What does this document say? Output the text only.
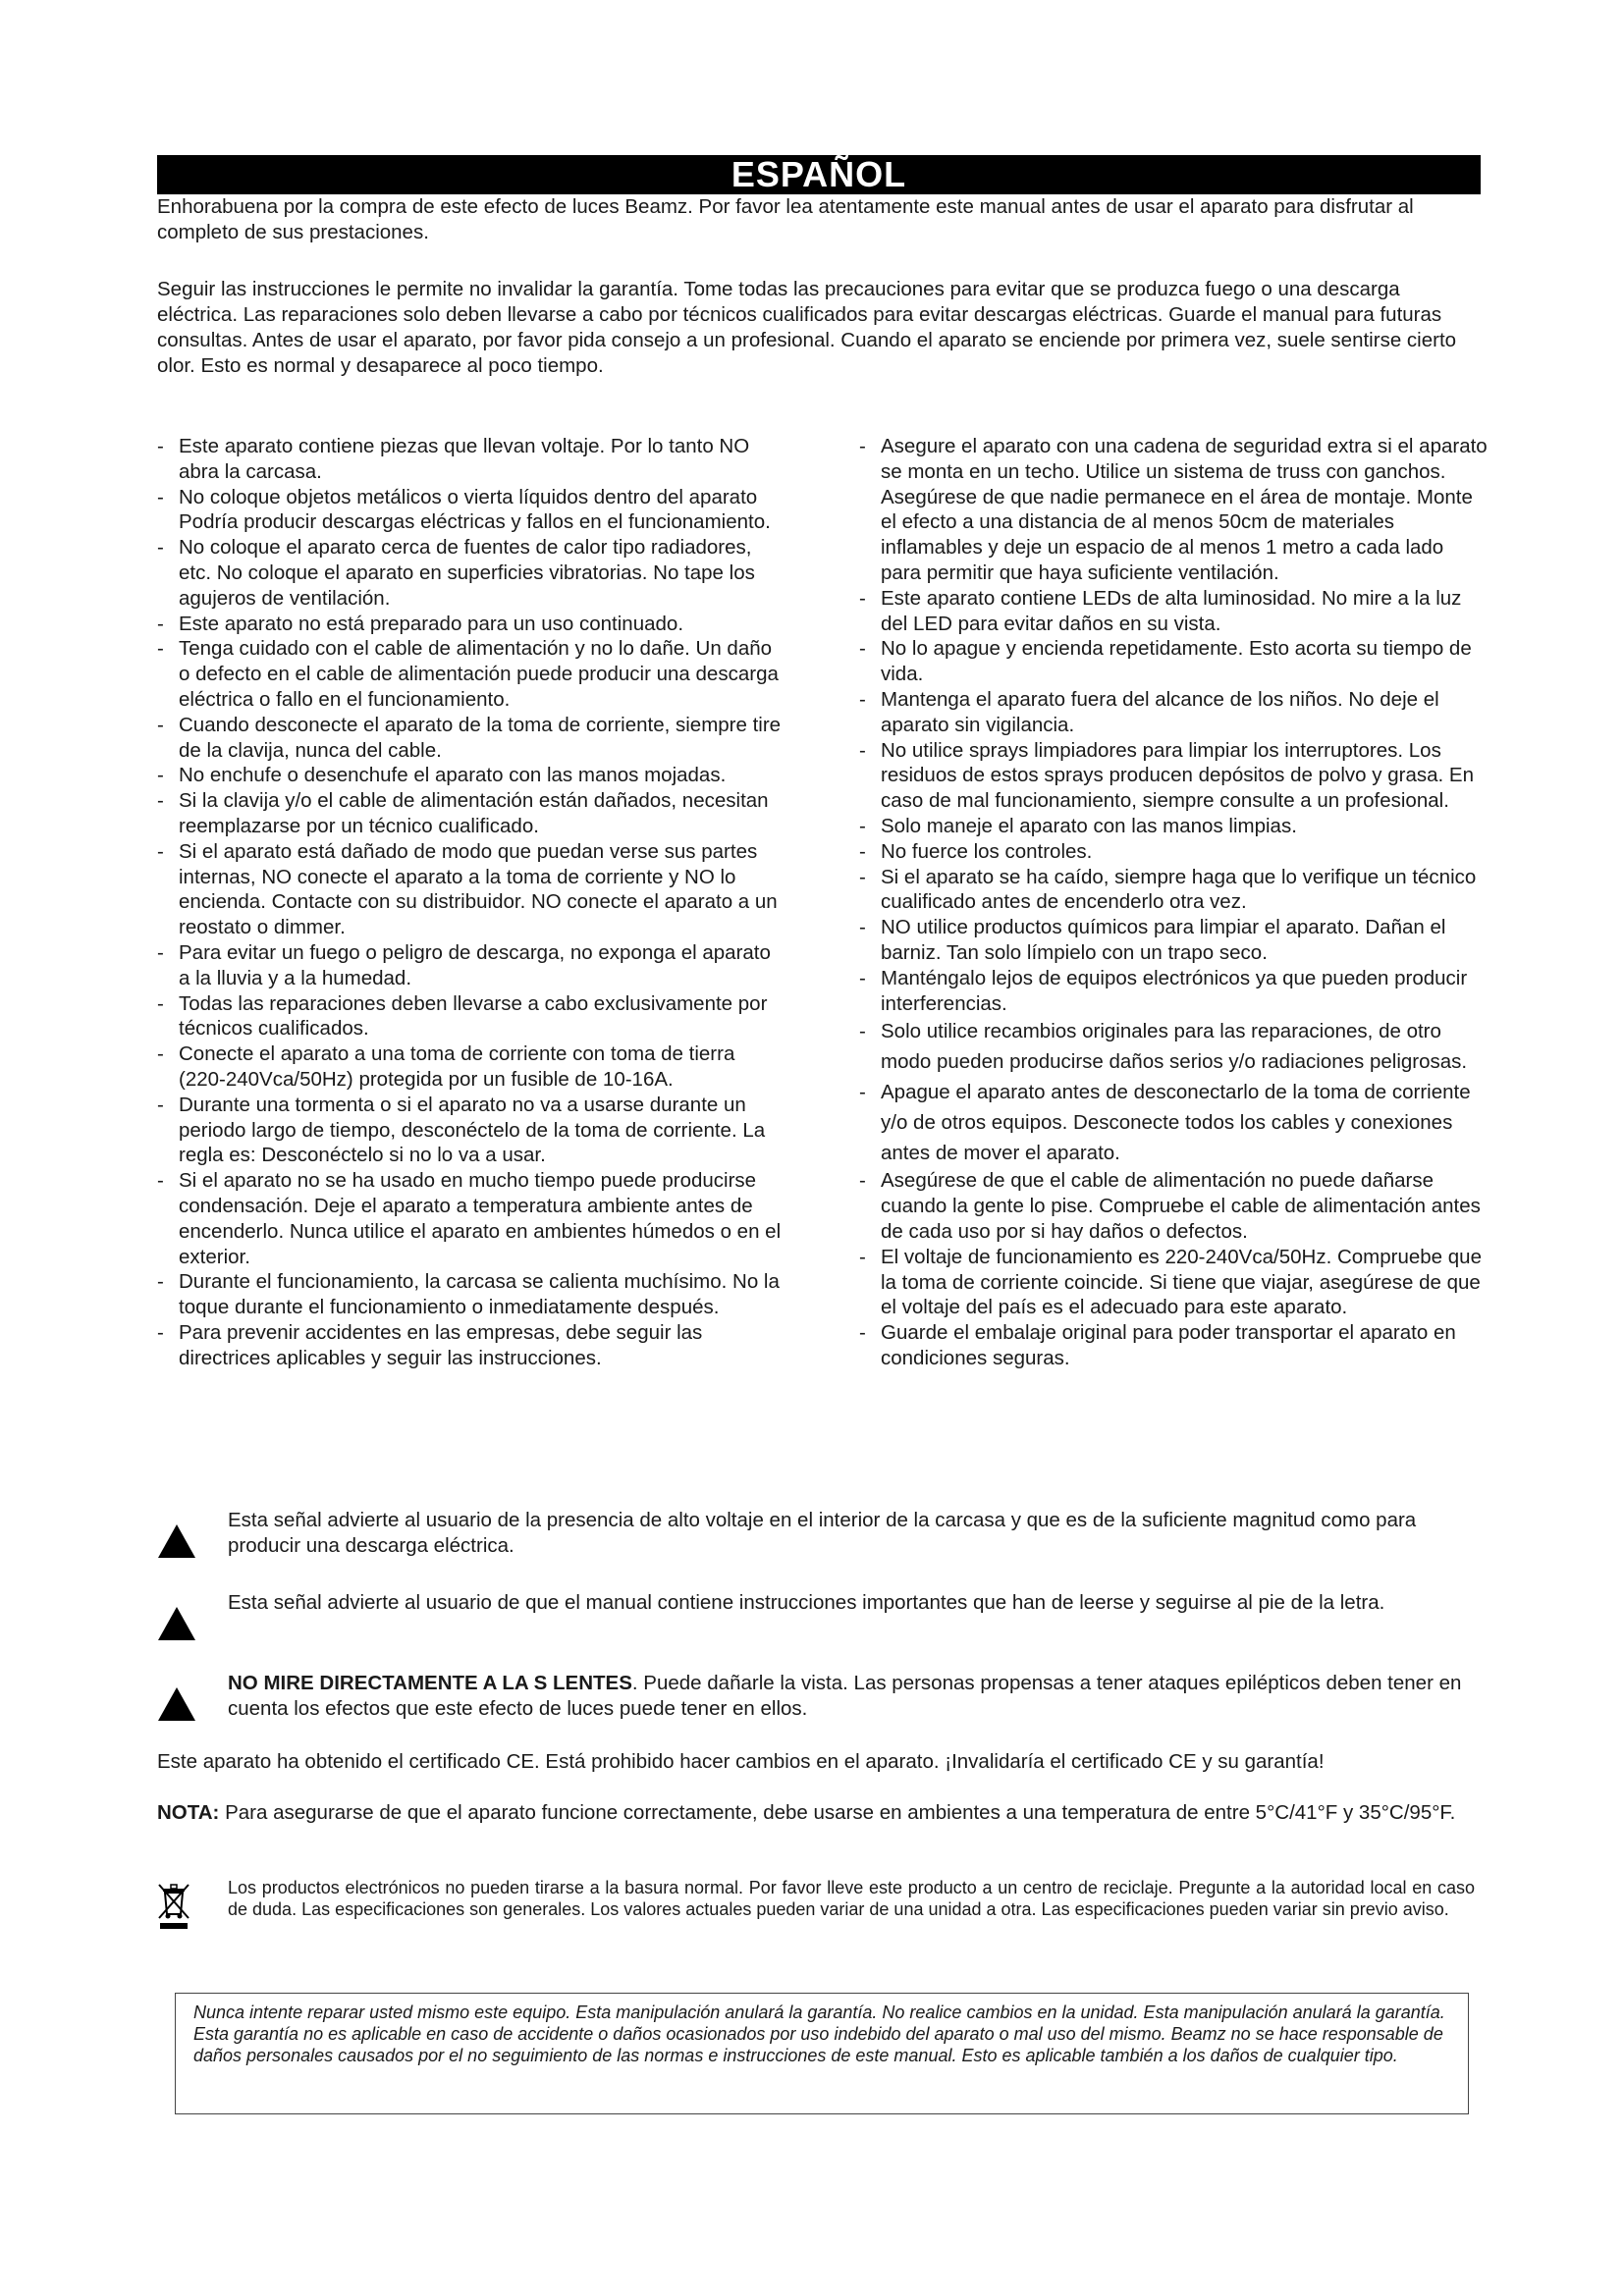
ESPAÑOL
Enhorabuena por la compra de este efecto de luces Beamz. Por favor lea atentamente este manual antes de usar el aparato para disfrutar al completo de sus prestaciones.
Seguir las instrucciones le permite no invalidar la garantía. Tome todas las precauciones para evitar que se produzca fuego o una descarga eléctrica. Las reparaciones solo deben llevarse a cabo por técnicos cualificados para evitar descargas eléctricas. Guarde el manual para futuras consultas. Antes de usar el aparato, por favor pida consejo a un profesional. Cuando el aparato se enciende por primera vez, suele sentirse cierto olor. Esto es normal y desaparece al poco tiempo.
- Este aparato contiene piezas que llevan voltaje. Por lo tanto NO abra la carcasa.
- No coloque objetos metálicos o vierta líquidos dentro del aparato Podría producir descargas eléctricas y fallos en el funcionamiento.
- No coloque el aparato cerca de fuentes de calor tipo radiadores, etc. No coloque el aparato en superficies vibratorias. No tape los agujeros de ventilación.
- Este aparato no está preparado para un uso continuado.
- Tenga cuidado con el cable de alimentación y no lo dañe. Un daño o defecto en el cable de alimentación puede producir una descarga eléctrica o fallo en el funcionamiento.
- Cuando desconecte el aparato de la toma de corriente, siempre tire de la clavija, nunca del cable.
- No enchufe o desenchufe el aparato con las manos mojadas.
- Si la clavija y/o el cable de alimentación están dañados, necesitan reemplazarse por un técnico cualificado.
- Si el aparato está dañado de modo que puedan verse sus partes internas, NO conecte el aparato a la toma de corriente y NO lo encienda. Contacte con su distribuidor. NO conecte el aparato a un reostato o dimmer.
- Para evitar un fuego o peligro de descarga, no exponga el aparato a la lluvia y a la humedad.
- Todas las reparaciones deben llevarse a cabo exclusivamente por técnicos cualificados.
- Conecte el aparato a una toma de corriente con toma de tierra (220-240Vca/50Hz) protegida por un fusible de 10-16A.
- Durante una tormenta o si el aparato no va a usarse durante un periodo largo de tiempo, desconéctelo de la toma de corriente. La regla es: Desconéctelo si no lo va a usar.
- Si el aparato no se ha usado en mucho tiempo puede producirse condensación. Deje el aparato a temperatura ambiente antes de encenderlo. Nunca utilice el aparato en ambientes húmedos o en el exterior.
- Durante el funcionamiento, la carcasa se calienta muchísimo. No la toque durante el funcionamiento o inmediatamente después.
- Para prevenir accidentes en las empresas, debe seguir las directrices aplicables y seguir las instrucciones.
- Asegure el aparato con una cadena de seguridad extra si el aparato se monta en un techo. Utilice un sistema de truss con ganchos. Asegúrese de que nadie permanece en el área de montaje. Monte el efecto a una distancia de al menos 50cm de materiales inflamables y deje un espacio de al menos 1 metro a cada lado para permitir que haya suficiente ventilación.
- Este aparato contiene LEDs de alta luminosidad. No mire a la luz del LED para evitar daños en su vista.
- No lo apague y encienda repetidamente. Esto acorta su tiempo de vida.
- Mantenga el aparato fuera del alcance de los niños. No deje el aparato sin vigilancia.
- No utilice sprays limpiadores para limpiar los interruptores. Los residuos de estos sprays producen depósitos de polvo y grasa. En caso de mal funcionamiento, siempre consulte a un profesional.
- Solo maneje el aparato con las manos limpias.
- No fuerce los controles.
- Si el aparato se ha caído, siempre haga que lo verifique un técnico cualificado antes de encenderlo otra vez.
- NO utilice productos químicos para limpiar el aparato. Dañan el barniz. Tan solo límpielo con un trapo seco.
- Manténgalo lejos de equipos electrónicos ya que pueden producir interferencias.
- Solo utilice recambios originales para las reparaciones, de otro modo pueden producirse daños serios y/o radiaciones peligrosas.
- Apague el aparato antes de desconectarlo de la toma de corriente y/o de otros equipos. Desconecte todos los cables y conexiones antes de mover el aparato.
- Asegúrese de que el cable de alimentación no puede dañarse cuando la gente lo pise. Compruebe el cable de alimentación antes de cada uso por si hay daños o defectos.
- El voltaje de funcionamiento es 220-240Vca/50Hz. Compruebe que la toma de corriente coincide. Si tiene que viajar, asegúrese de que el voltaje del país es el adecuado para este aparato.
- Guarde el embalaje original para poder transportar el aparato en condiciones seguras.
Esta señal advierte al usuario de la presencia de alto voltaje en el interior de la carcasa y que es de la suficiente magnitud como para producir una descarga eléctrica.
Esta señal advierte al usuario de que el manual contiene instrucciones importantes que han de leerse y seguirse al pie de la letra.
NO MIRE DIRECTAMENTE A LA S LENTES. Puede dañarle la vista. Las personas propensas a tener ataques epilépticos deben tener en cuenta los efectos que este efecto de luces puede tener en ellos.
Este aparato ha obtenido el certificado CE. Está prohibido hacer cambios en el aparato. ¡Invalidaría el certificado CE y su garantía!
NOTA: Para asegurarse de que el aparato funcione correctamente, debe usarse en ambientes a una temperatura de entre 5°C/41°F y 35°C/95°F.
Los productos electrónicos no pueden tirarse a la basura normal. Por favor lleve este producto a un centro de reciclaje. Pregunte a la autoridad local en caso de duda. Las especificaciones son generales. Los valores actuales pueden variar de una unidad a otra. Las especificaciones pueden variar sin previo aviso.
Nunca intente reparar usted mismo este equipo. Esta manipulación anulará la garantía. No realice cambios en la unidad. Esta manipulación anulará la garantía. Esta garantía no es aplicable en caso de accidente o daños ocasionados por uso indebido del aparato o mal uso del mismo. Beamz no se hace responsable de daños personales causados por el no seguimiento de las normas e instrucciones de este manual. Esto es aplicable también a los daños de cualquier tipo.
